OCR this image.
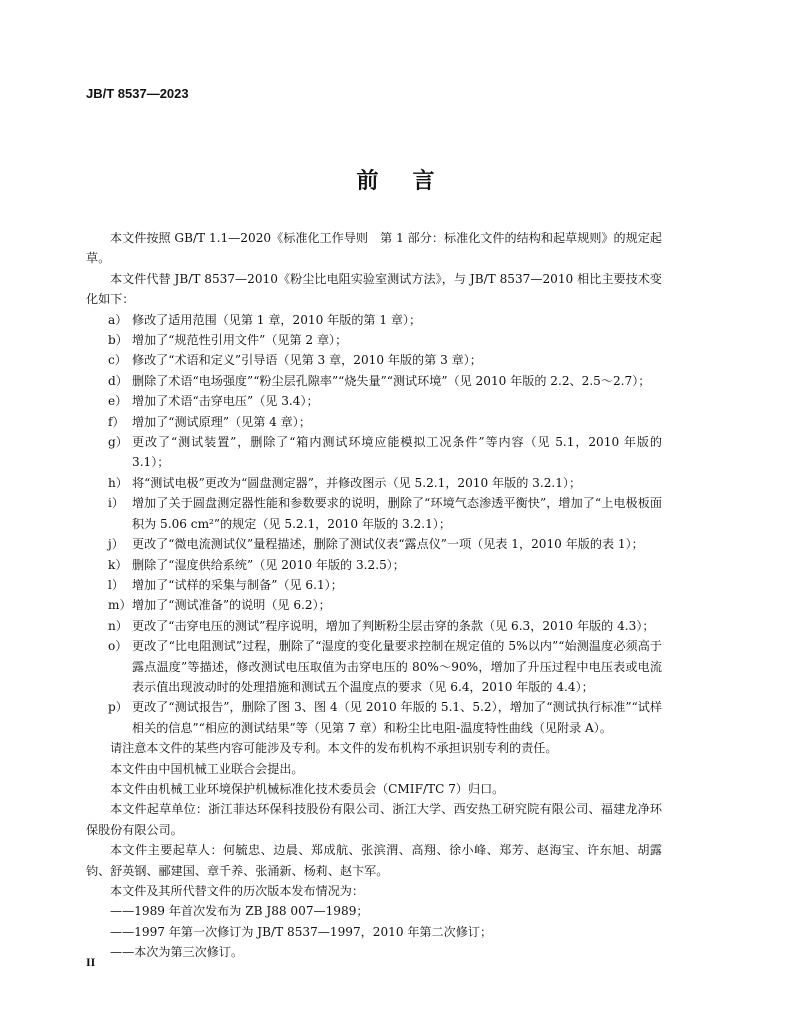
JB/T 8537—2023
前言

本文件按照 GB/T 1.1—2020《标准化工作导则　第 1 部分：标准化文件的结构和起草规则》的规定起草。

本文件代替 JB/T 8537—2010《粉尘比电阻实验室测试方法》，与 JB/T 8537—2010 相比主要技术变化如下：

a） 修改了适用范围（见第 1 章，2010 年版的第 1 章）；
b） 增加了“规范性引用文件”（见第 2 章）；
c） 修改了“术语和定义”引导语（见第 3 章，2010 年版的第 3 章）；
d） 删除了术语“电场强度”“粉尘层孔隙率”“烧失量”“测试环境”（见 2010 年版的 2.2、2.5～2.7）；
e） 增加了术语“击穿电压”（见 3.4）；
f） 增加了“测试原理”（见第 4 章）；
g） 更改了“测试装置”，删除了“箱内测试环境应能模拟工况条件”等内容（见 5.1，2010 年版的 3.1）；
h） 将“测试电极”更改为“圆盘测定器”，并修改图示（见 5.2.1，2010 年版的 3.2.1）；
i） 增加了关于圆盘测定器性能和参数要求的说明，删除了“环境气态渗透平衡快”，增加了“上电极板面积为 5.06 cm²”的规定（见 5.2.1，2010 年版的 3.2.1）；
j） 更改了“微电流测试仪”量程描述，删除了测试仪表“露点仪”一项（见表 1，2010 年版的表 1）；
k） 删除了“湿度供给系统”（见 2010 年版的 3.2.5）；
l） 增加了“试样的采集与制备”（见 6.1）；
m） 增加了“测试准备”的说明（见 6.2）；
n） 更改了“击穿电压的测试”程序说明，增加了判断粉尘层击穿的条款（见 6.3，2010 年版的 4.3）；
o） 更改了“比电阻测试”过程，删除了“湿度的变化量要求控制在规定值的 5%以内”“始测温度必须高于露点温度”等描述，修改测试电压取值为击穿电压的 80%～90%，增加了升压过程中电压表或电流表示值出现波动时的处理措施和测试五个温度点的要求（见 6.4，2010 年版的 4.4）；
p） 更改了“测试报告”，删除了图 3、图 4（见 2010 年版的 5.1、5.2），增加了“测试执行标准”“试样相关的信息”“相应的测试结果”等（见第 7 章）和粉尘比电阻-温度特性曲线（见附录 A）。

请注意本文件的某些内容可能涉及专利。本文件的发布机构不承担识别专利的责任。

本文件由中国机械工业联合会提出。

本文件由机械工业环境保护机械标准化技术委员会（CMIF/TC 7）归口。

本文件起草单位：浙江菲达环保科技股份有限公司、浙江大学、西安热工研究院有限公司、福建龙净环保股份有限公司。

本文件主要起草人：何毓忠、边晨、郑成航、张滨渭、高翔、徐小峰、郑芳、赵海宝、许东旭、胡露钧、舒英钢、郦建国、章千养、张涌新、杨莉、赵卞军。

本文件及其所代替文件的历次版本发布情况为：

——1989 年首次发布为 ZB J88 007—1989；

——1997 年第一次修订为 JB/T 8537—1997，2010 年第二次修订；

——本次为第三次修订。

II
